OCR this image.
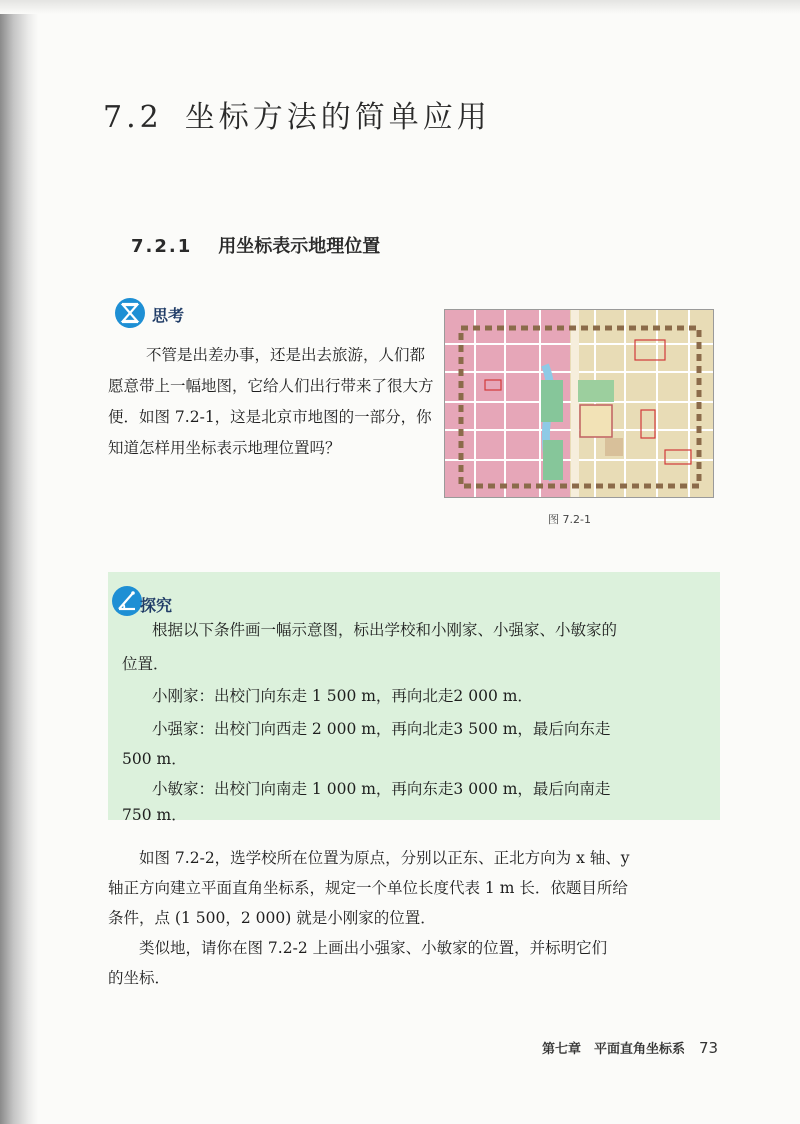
7.2 坐标方法的简单应用
7.2.1 用坐标表示地理位置
思考

不管是出差办事，还是出去旅游，人们都愿意带上一幅地图，它给人们出行带来了很大方便．如图 7.2-1，这是北京市地图的一部分，你知道怎样用坐标表示地理位置吗？

图 7.2-1

根据以下条件画一幅示意图，标出学校和小刚家、小强家、小敏家的

位置．

小刚家：出校门向东走 1 500 m，再向北走2 000 m．

小强家：出校门向西走 2 000 m，再向北走3 500 m，最后向东走

500 m．

小敏家：出校门向南走 1 000 m，再向东走3 000 m，最后向南走

750 m．

探究

如图 7.2-2，选学校所在位置为原点，分别以正东、正北方向为 x 轴、y

轴正方向建立平面直角坐标系，规定一个单位长度代表 1 m 长．依题目所给

条件，点 (1 500，2 000) 就是小刚家的位置．

类似地，请你在图 7.2-2 上画出小强家、小敏家的位置，并标明它们

的坐标．

第七章　平面直角坐标系 73
